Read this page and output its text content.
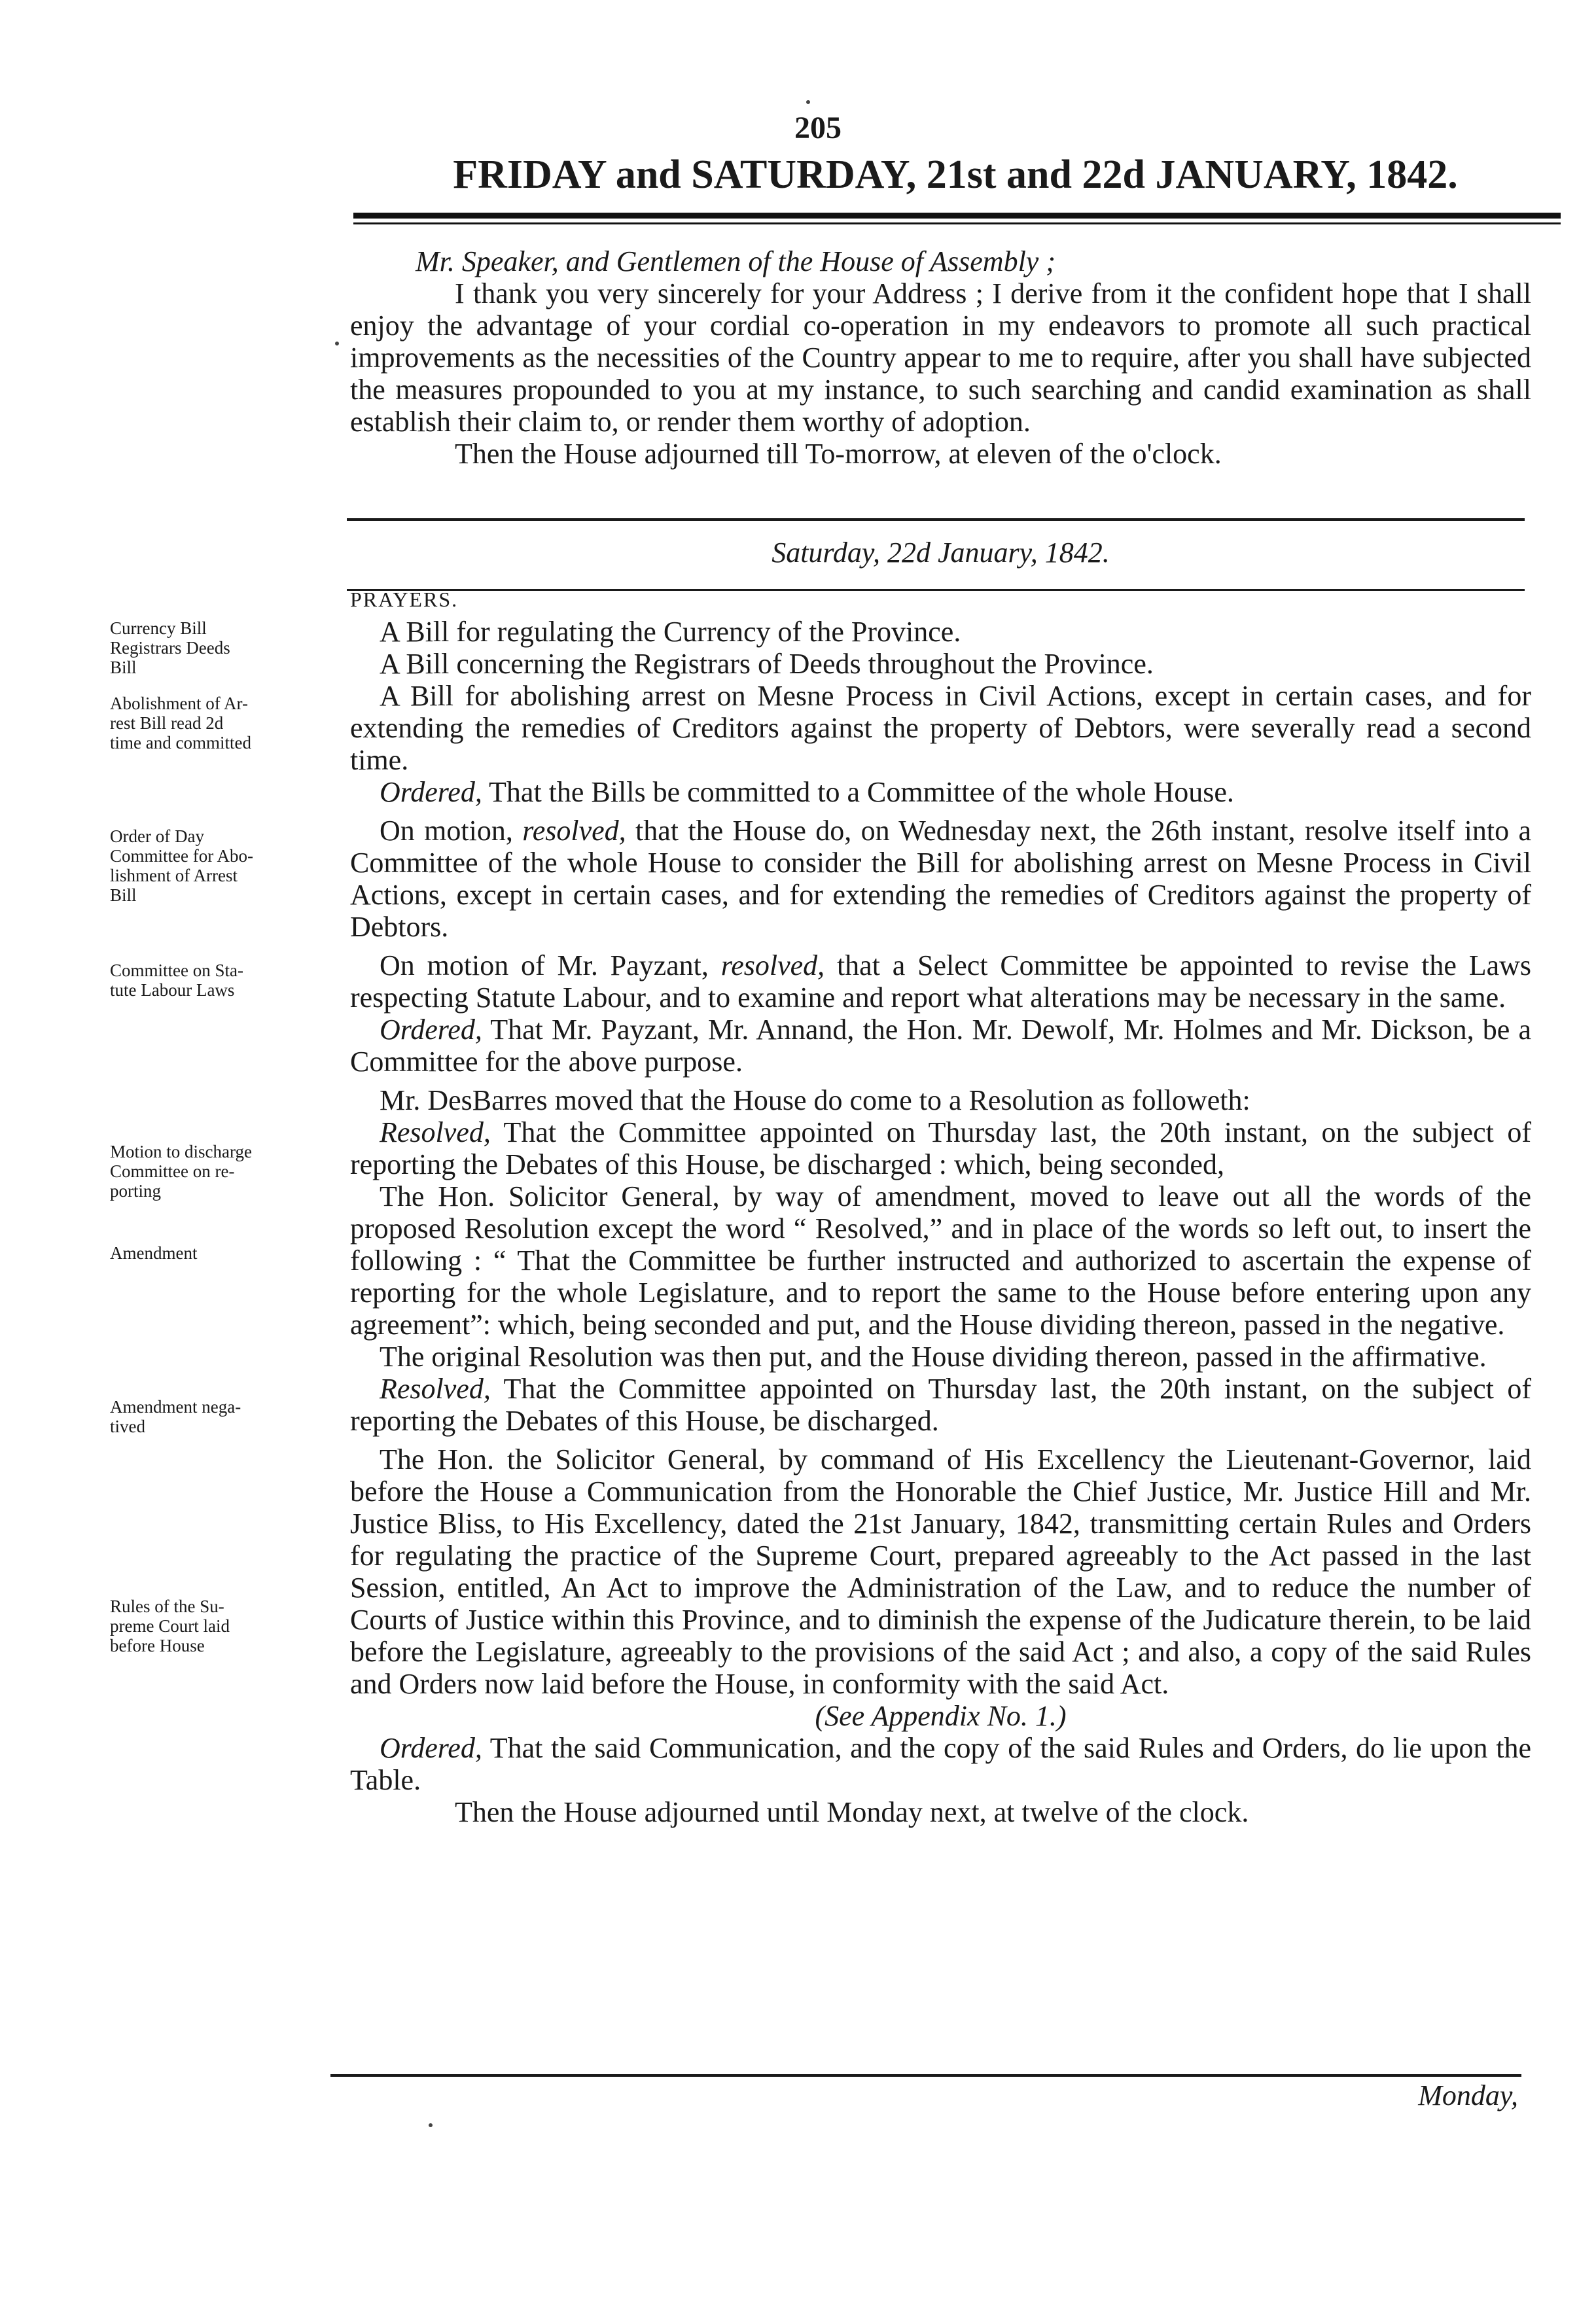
205
FRIDAY and SATURDAY, 21st and 22d JANUARY, 1842.

Mr. Speaker, and Gentlemen of the House of Assembly ;

I thank you very sincerely for your Address ; I derive from it the confident hope that I shall enjoy the advantage of your cordial co-operation in my endeavors to promote all such practical improvements as the necessities of the Country appear to me to require, after you shall have subjected the measures propounded to you at my instance, to such searching and candid examination as shall establish their claim to, or render them worthy of adoption.

Then the House adjourned till To-morrow, at eleven of the o'clock.

Saturday, 22d January, 1842.

PRAYERS.

A Bill for regulating the Currency of the Province.

A Bill concerning the Registrars of Deeds throughout the Province.

A Bill for abolishing arrest on Mesne Process in Civil Actions, except in certain cases, and for extending the remedies of Creditors against the property of Debtors, were severally read a second time.

Ordered, That the Bills be committed to a Committee of the whole House.

On motion, resolved, that the House do, on Wednesday next, the 26th instant, resolve itself into a Committee of the whole House to consider the Bill for abolishing arrest on Mesne Process in Civil Actions, except in certain cases, and for extending the remedies of Creditors against the property of Debtors.

On motion of Mr. Payzant, resolved, that a Select Committee be appointed to revise the Laws respecting Statute Labour, and to examine and report what alterations may be necessary in the same.

Ordered, That Mr. Payzant, Mr. Annand, the Hon. Mr. Dewolf, Mr. Holmes and Mr. Dickson, be a Committee for the above purpose.

Mr. DesBarres moved that the House do come to a Resolution as followeth:

Resolved, That the Committee appointed on Thursday last, the 20th instant, on the subject of reporting the Debates of this House, be discharged : which, being seconded,

The Hon. Solicitor General, by way of amendment, moved to leave out all the words of the proposed Resolution except the word “ Resolved,” and in place of the words so left out, to insert the following : “ That the Committee be further instructed and authorized to ascertain the expense of reporting for the whole Legislature, and to report the same to the House before entering upon any agreement”: which, being seconded and put, and the House dividing thereon, passed in the negative.

The original Resolution was then put, and the House dividing thereon, passed in the affirmative.

Resolved, That the Committee appointed on Thursday last, the 20th instant, on the subject of reporting the Debates of this House, be discharged.

The Hon. the Solicitor General, by command of His Excellency the Lieutenant-Governor, laid before the House a Communication from the Honorable the Chief Justice, Mr. Justice Hill and Mr. Justice Bliss, to His Excellency, dated the 21st January, 1842, transmitting certain Rules and Orders for regulating the practice of the Supreme Court, prepared agreeably to the Act passed in the last Session, entitled, An Act to improve the Administration of the Law, and to reduce the number of Courts of Justice within this Province, and to diminish the expense of the Judicature therein, to be laid before the Legislature, agreeably to the provisions of the said Act ; and also, a copy of the said Rules and Orders now laid before the House, in conformity with the said Act.

(See Appendix No. 1.)

Ordered, That the said Communication, and the copy of the said Rules and Orders, do lie upon the Table.

Then the House adjourned until Monday next, at twelve of the clock.

Monday,
Currency Bill
Registrars Deeds
Bill
Abolishment of Ar-
rest Bill read 2d
time and committed
Order of Day
Committee for Abo-
lishment of Arrest
Bill
Committee on Sta-
tute Labour Laws
Motion to discharge
Committee on re-
porting
Amendment
Amendment nega-
tived
Rules of the Su-
preme Court laid
before House
